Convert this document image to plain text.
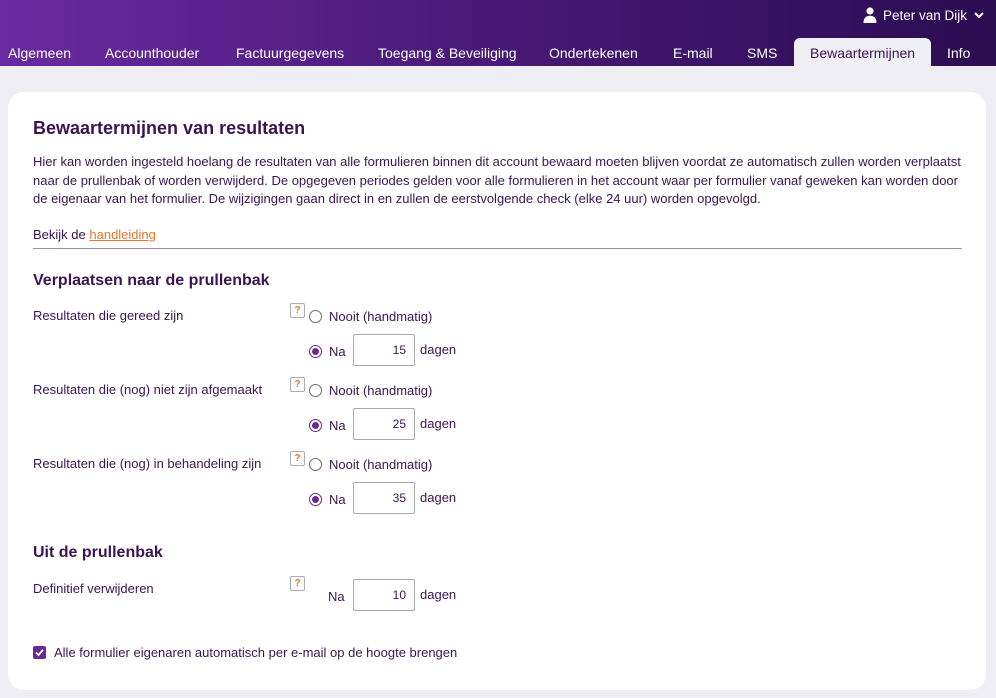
Peter van Dijk
Algemeen Accounthouder	Factuurgegevens Toegang & Beveiliging Ondertekenen	E-mail SMS	Bewaartermijnen	Info
Bewaartermijnen van resultaten
Hier kan worden ingesteld hoelang de resultaten van alle formulieren binnen dit account bewaard moeten blijven voordat ze automatisch zullen worden verplaatst naar de prullenbak of worden verwijderd. De opgegeven periodes gelden voor alle formulieren in het account waar per formulier vanaf geweken kan worden door de eigenaar van het formulier. De wijzigingen gaan direct in en zullen de eerstvolgende check (elke 24 uur) worden opgevolgd.
Bekijk de handleiding
Verplaatsen naar de prullenbak
Resultaten die gereed zijn	?	Nooit (handmatig)
Na	15	dagen
Resultaten die (nog) niet zijn afgemaakt	?	Nooit (handmatig)
Na	25	dagen
Resultaten die (nog) in behandeling zijn	?	Nooit (handmatig)
Na	35	dagen
Uit de prullenbak
Definitief verwijderen	?
Na	10	dagen
Alle formulier eigenaren automatisch per e-mail op de hoogte brengen
